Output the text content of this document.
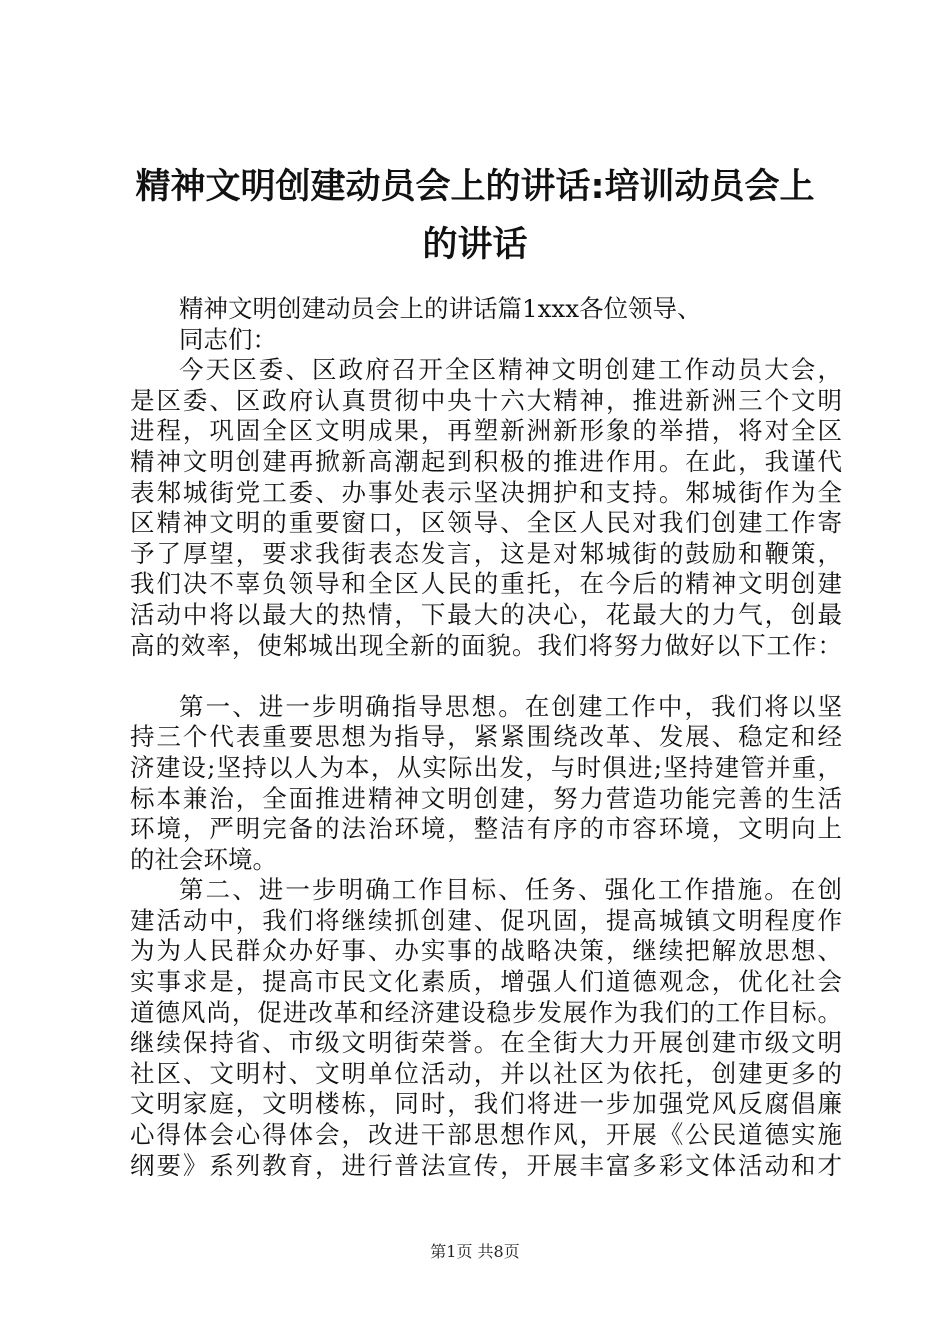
精神文明创建动员会上的讲话:培训动员会上
的讲话
精神文明创建动员会上的讲话篇1xxx各位领导、
同志们：
今天区委、区政府召开全区精神文明创建工作动员大会，
是区委、区政府认真贯彻中央十六大精神，推进新洲三个文明
进程，巩固全区文明成果，再塑新洲新形象的举措，将对全区
精神文明创建再掀新高潮起到积极的推进作用。在此，我谨代
表邾城街党工委、办事处表示坚决拥护和支持。邾城街作为全
区精神文明的重要窗口，区领导、全区人民对我们创建工作寄
予了厚望，要求我街表态发言，这是对邾城街的鼓励和鞭策，
我们决不辜负领导和全区人民的重托，在今后的精神文明创建
活动中将以最大的热情，下最大的决心，花最大的力气，创最
高的效率，使邾城出现全新的面貌。我们将努力做好以下工作：
第一、进一步明确指导思想。在创建工作中，我们将以坚
持三个代表重要思想为指导，紧紧围绕改革、发展、稳定和经
济建设;坚持以人为本，从实际出发，与时俱进;坚持建管并重，
标本兼治，全面推进精神文明创建，努力营造功能完善的生活
环境，严明完备的法治环境，整洁有序的市容环境，文明向上
的社会环境。
第二、进一步明确工作目标、任务、强化工作措施。在创
建活动中，我们将继续抓创建、促巩固，提高城镇文明程度作
为为人民群众办好事、办实事的战略决策，继续把解放思想、
实事求是，提高市民文化素质，增强人们道德观念，优化社会
道德风尚，促进改革和经济建设稳步发展作为我们的工作目标。
继续保持省、市级文明街荣誉。在全街大力开展创建市级文明
社区、文明村、文明单位活动，并以社区为依托，创建更多的
文明家庭，文明楼栋，同时，我们将进一步加强党风反腐倡廉
心得体会心得体会，改进干部思想作风，开展《公民道德实施
纲要》系列教育，进行普法宣传，开展丰富多彩文体活动和才
第1页 共8页
